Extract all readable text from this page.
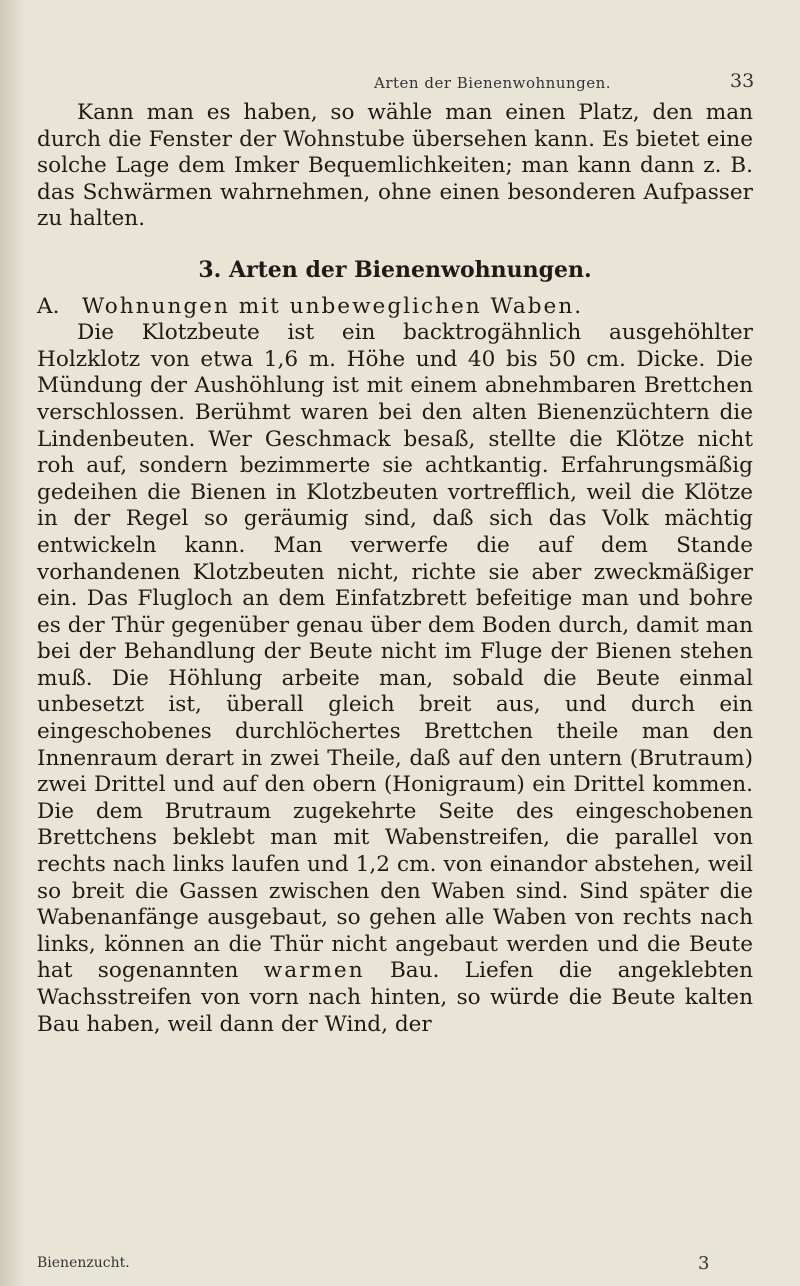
Arten der Bienenwohnungen.	33

Kann man es haben, so wähle man einen Platz, den man durch die Fenster der Wohnstube übersehen kann. Es bietet eine solche Lage dem Imker Bequemlichkeiten; man kann dann z. B. das Schwärmen wahrnehmen, ohne einen besonderen Aufpasser zu halten.

3. Arten der Bienenwohnungen.

A. Wohnungen mit unbeweglichen Waben.

Die Klotzbeute ist ein backtrogähnlich ausgehöhlter Holzklotz von etwa 1,6 m. Höhe und 40 bis 50 cm. Dicke. Die Mündung der Aushöhlung ist mit einem abnehmbaren Brettchen verschlossen. Berühmt waren bei den alten Bienenzüchtern die Lindenbeuten. Wer Geschmack besaß, stellte die Klötze nicht roh auf, sondern bezimmerte sie achtkantig. Erfahrungsmäßig gedeihen die Bienen in Klotzbeuten vortrefflich, weil die Klötze in der Regel so geräumig sind, daß sich das Volk mächtig entwickeln kann. Man verwerfe die auf dem Stande vorhandenen Klotzbeuten nicht, richte sie aber zweckmäßiger ein. Das Flugloch an dem Einfatzbrett befeitige man und bohre es der Thür gegenüber genau über dem Boden durch, damit man bei der Behandlung der Beute nicht im Fluge der Bienen stehen muß. Die Höhlung arbeite man, sobald die Beute einmal unbesetzt ist, überall gleich breit aus, und durch ein eingeschobenes durchlöchertes Brettchen theile man den Innenraum derart in zwei Theile, daß auf den untern (Brutraum) zwei Drittel und auf den obern (Honigraum) ein Drittel kommen. Die dem Brutraum zugekehrte Seite des eingeschobenen Brettchens beklebt man mit Wabenstreifen, die parallel von rechts nach links laufen und 1,2 cm. von einandor abstehen, weil so breit die Gassen zwischen den Waben sind. Sind später die Wabenanfänge ausgebaut, so gehen alle Waben von rechts nach links, können an die Thür nicht angebaut werden und die Beute hat sogenannten warmen Bau. Liefen die angeklebten Wachsstreifen von vorn nach hinten, so würde die Beute kalten Bau haben, weil dann der Wind, der

Bienenzucht.	3
